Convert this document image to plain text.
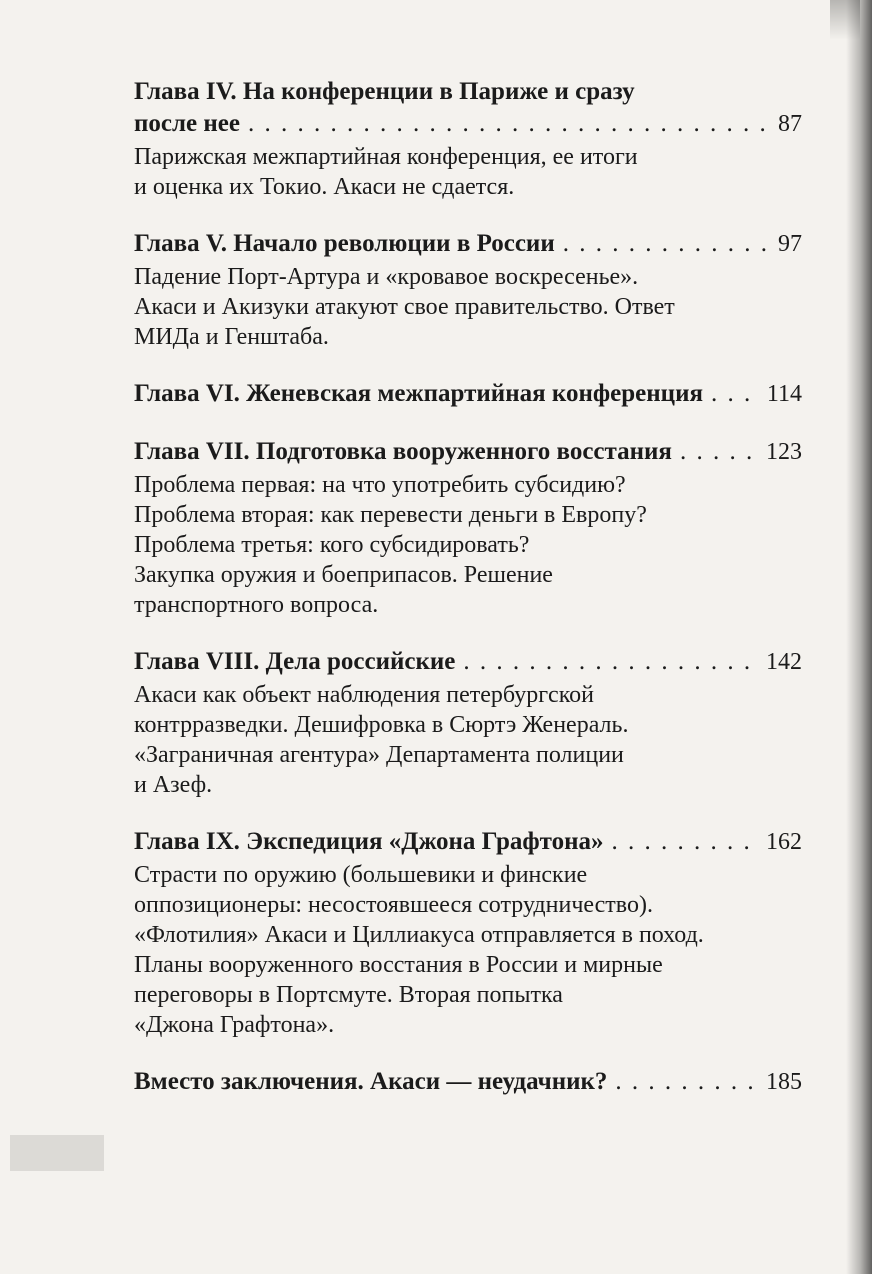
Глава IV. На конференции в Париже и сразу

после нее . . .	87

Парижская межпартийная конференция, ее итоги
и оценка их Токио. Акаси не сдается.

Глава V. Начало революции в России . . .	97

Падение Порт-Артура и «кровавое воскресенье».
Акаси и Акизуки атакуют свое правительство. Ответ
МИДа и Генштаба.

Глава VI. Женевская межпартийная конференция . . .	114

Глава VII. Подготовка вооруженного восстания . . .	123

Проблема первая: на что употребить субсидию?
Проблема вторая: как перевести деньги в Европу?
Проблема третья: кого субсидировать?
Закупка оружия и боеприпасов. Решение
транспортного вопроса.

Глава VIII. Дела российские . . .	142

Акаси как объект наблюдения петербургской
контрразведки. Дешифровка в Сюртэ Женераль.
«Заграничная агентура» Департамента полиции
и Азеф.

Глава IX. Экспедиция «Джона Графтона» . . .	162

Страсти по оружию (большевики и финские
оппозиционеры: несостоявшееся сотрудничество).
«Флотилия» Акаси и Циллиакуса отправляется в поход.
Планы вооруженного восстания в России и мирные
переговоры в Портсмуте. Вторая попытка
«Джона Графтона».

Вместо заключения. Акаси — неудачник? . . .	185
